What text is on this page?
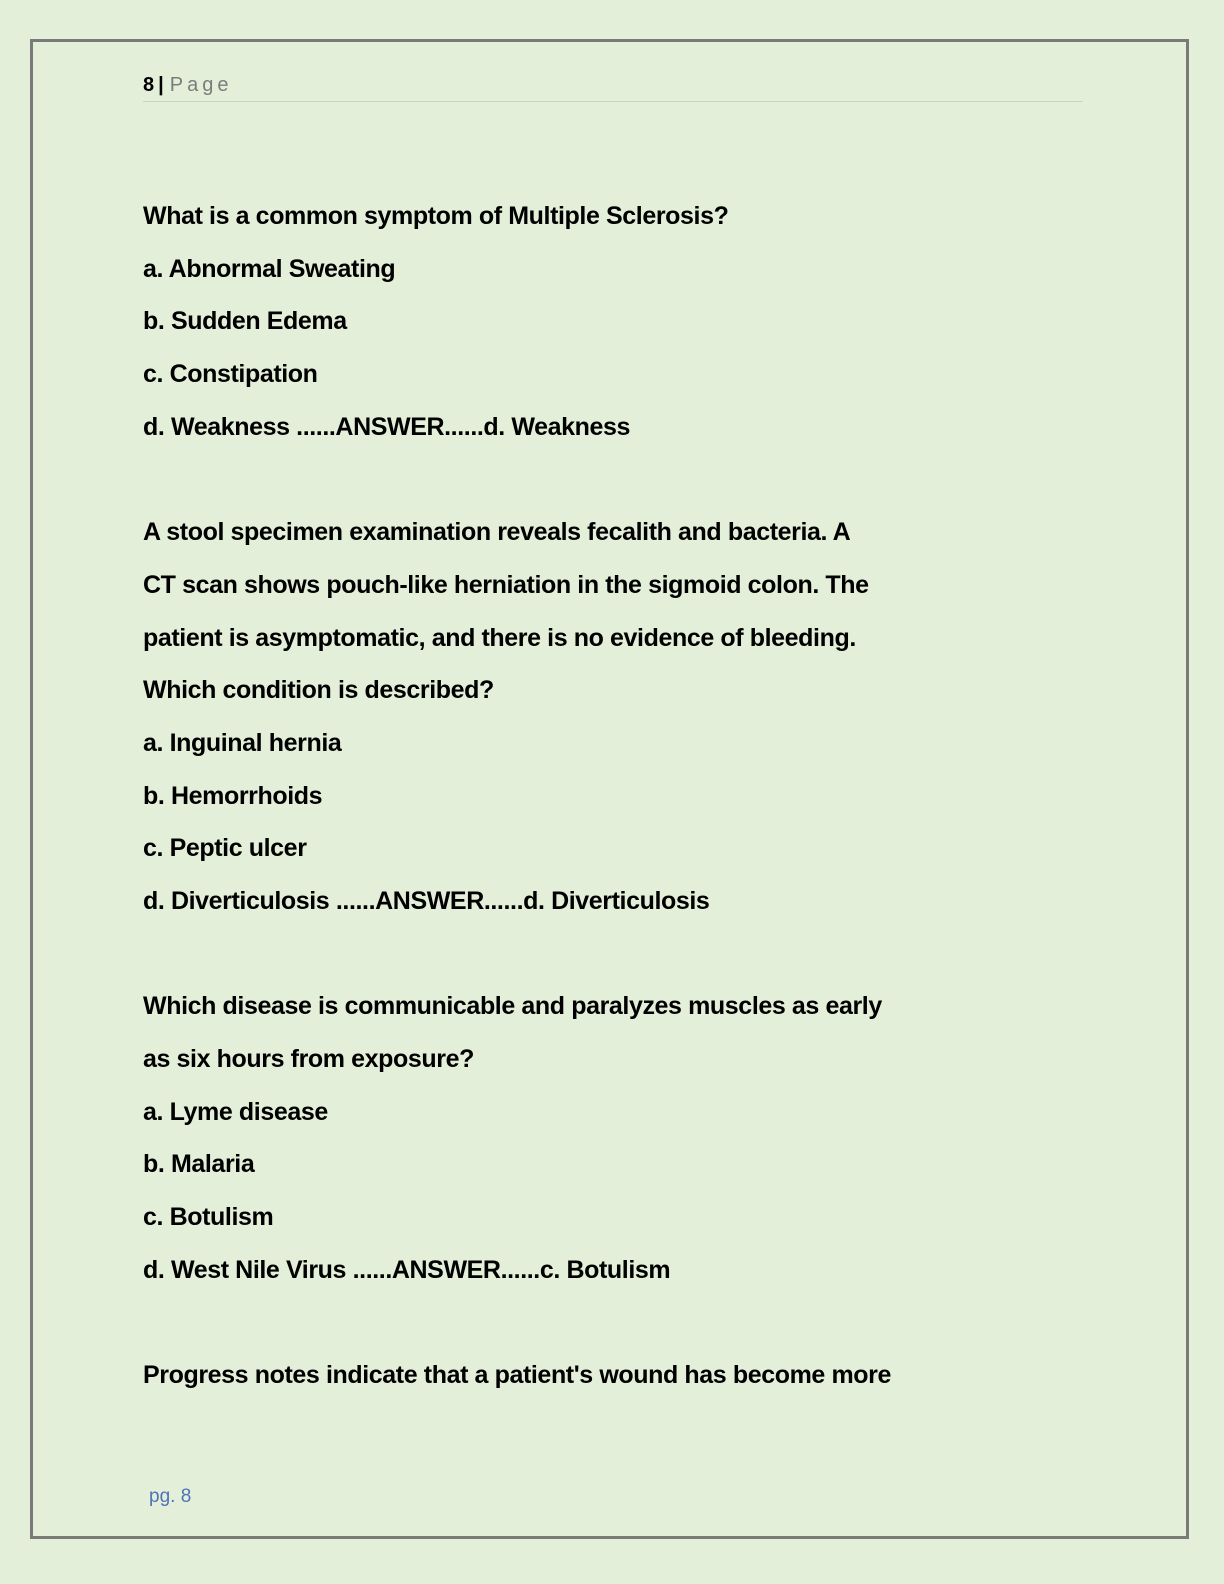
8 | Page
What is a common symptom of Multiple Sclerosis?
a. Abnormal Sweating
b. Sudden Edema
c. Constipation
d. Weakness ......ANSWER......d. Weakness
A stool specimen examination reveals fecalith and bacteria. A
CT scan shows pouch-like herniation in the sigmoid colon. The
patient is asymptomatic, and there is no evidence of bleeding.
Which condition is described?
a. Inguinal hernia
b. Hemorrhoids
c. Peptic ulcer
d. Diverticulosis ......ANSWER......d. Diverticulosis
Which disease is communicable and paralyzes muscles as early
as six hours from exposure?
a. Lyme disease
b. Malaria
c. Botulism
d. West Nile Virus ......ANSWER......c. Botulism
Progress notes indicate that a patient's wound has become more
pg. 8
